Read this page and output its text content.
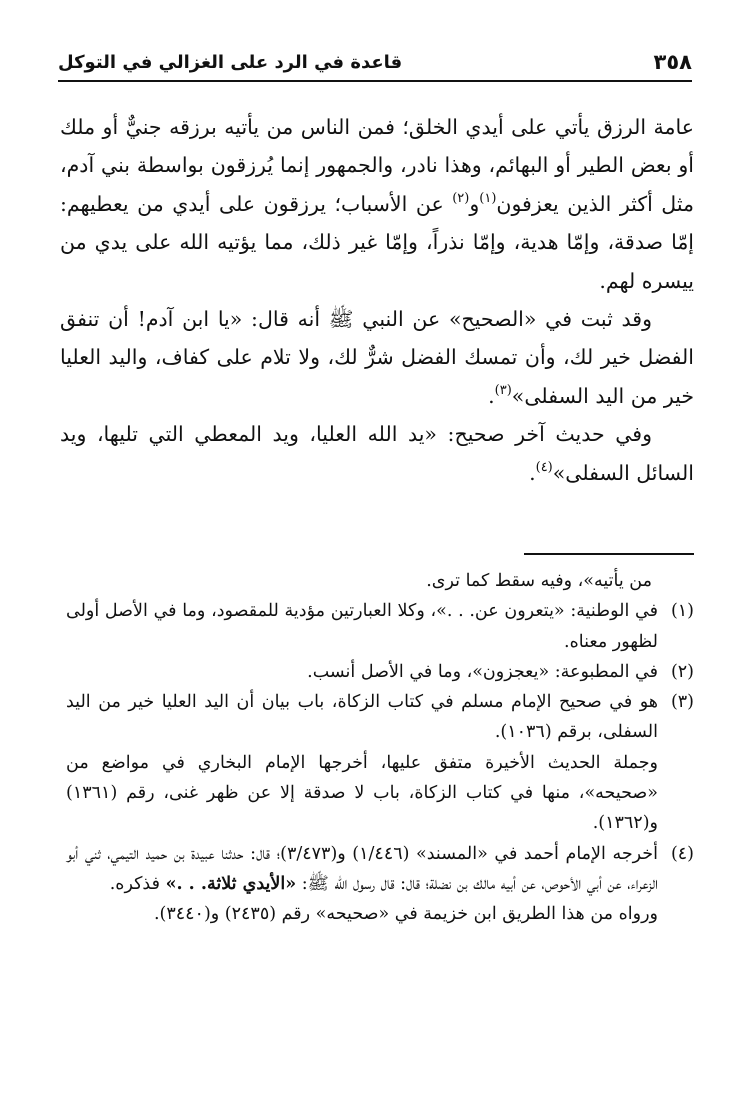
٣٥٨
قاعدة في الرد على الغزالي في التوكل

عامة الرزق يأتي على أيدي الخلق؛ فمن الناس من يأتيه برزقه جنيٌّ أو ملك أو بعض الطير أو البهائم، وهذا نادر، والجمهور إنما يُرزقون بواسطة بني آدم، مثل أكثر الذين يعزفون$^{(١)}$و$^{(٢)}$ عن الأسباب؛ يرزقون على أيدي من يعطيهم: إمّا صدقة، وإمّا هدية، وإمّا نذراً، وإمّا غير ذلك، مما يؤتيه الله على يدي من ييسره لهم.

وقد ثبت في «الصحيح» عن النبي ﷺ أنه قال: «يا ابن آدم! أن تنفق الفضل خير لك، وأن تمسك الفضل شرٌّ لك، ولا تلام على كفاف، واليد العليا خير من اليد السفلى»$^{(٣)}$.

وفي حديث آخر صحيح: «يد الله العليا، ويد المعطي التي تليها، ويد السائل السفلى»$^{(٤)}$.

من يأتيه»، وفيه سقط كما ترى.

(١)

في الوطنية: «يتعرون عن. . .»، وكلا العبارتين مؤدية للمقصود، وما في الأصل أولى لظهور معناه.

(٢)

في المطبوعة: «يعجزون»، وما في الأصل أنسب.

(٣)

هو في صحيح الإمام مسلم في كتاب الزكاة، باب بيان أن اليد العليا خير من اليد السفلى، برقم (١٠٣٦).

وجملة الحديث الأخيرة متفق عليها، أخرجها الإمام البخاري في مواضع من «صحيحه»، منها في كتاب الزكاة، باب لا صدقة إلا عن ظهر غنى، رقم (١٣٦١) و(١٣٦٢).

(٤)

أخرجه الإمام أحمد في «المسند» (١/٤٤٦) و(٣/٤٧٣)؛ قال: حدثنا عبيدة بن حميد التيمي، ثني أبو الزعراء، عن أبي الأحوص، عن أبيه مالك بن نضلة؛ قال: قال رسول الله ﷺ: «الأيدي ثلاثة. . .» فذكره.

ورواه من هذا الطريق ابن خزيمة في «صحيحه» رقم (٢٤٣٥) و(٣٤٤٠).
